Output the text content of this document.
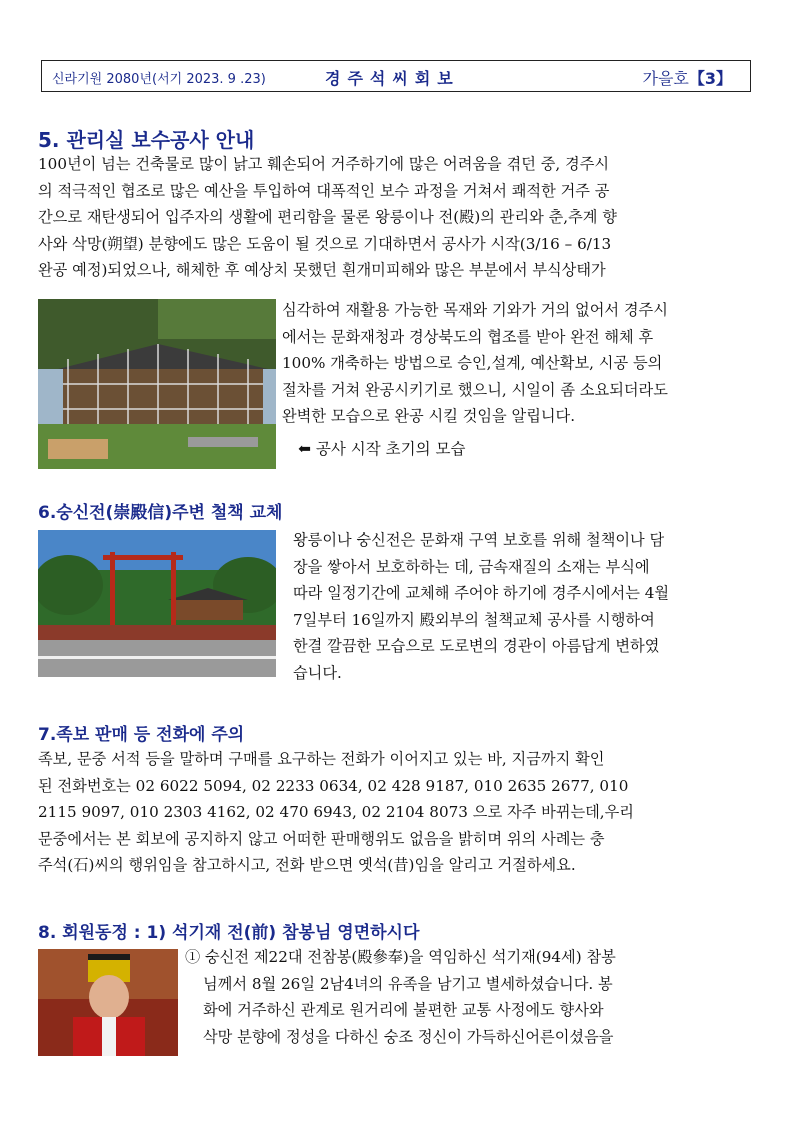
신라기원 2080년(서기 2023. 9 .23)	경주석씨회보	가을호【3】
5. 관리실 보수공사 안내
100년이 넘는 건축물로 많이 낡고 훼손되어 거주하기에 많은 어려움을 겪던 중, 경주시
의 적극적인 협조로 많은 예산을 투입하여 대폭적인 보수 과정을 거쳐서 쾌적한 거주 공
간으로 재탄생되어 입주자의 생활에 편리함을 물론 왕릉이나 전(殿)의 관리와 춘,추계 향
사와 삭망(朔望) 분향에도 많은 도움이 될 것으로 기대하면서 공사가 시작(3/16 – 6/13
완공 예정)되었으나, 해체한 후 예상치 못했던 흰개미피해와 많은 부분에서 부식상태가
심각하여 재활용 가능한 목재와 기와가 거의 없어서 경주시
에서는 문화재청과 경상북도의 협조를 받아 완전 해체 후
100% 개축하는 방법으로 승인,설계, 예산확보, 시공 등의
절차를 거쳐 완공시키기로 했으니, 시일이 좀 소요되더라도
완벽한 모습으로 완공 시킬 것임을 알립니다.
⬅ 공사 시작 초기의 모습
6.숭신전(崇殿信)주변 철책 교체
왕릉이나 숭신전은 문화재 구역 보호를 위해 철책이나 담
장을 쌓아서 보호하하는 데, 금속재질의 소재는 부식에
따라 일정기간에 교체해 주어야 하기에 경주시에서는 4월
7일부터 16일까지 殿외부의 철책교체 공사를 시행하여
한결 깔끔한 모습으로 도로변의 경관이 아름답게 변하였
습니다.
7.족보 판매 등 전화에 주의
족보, 문중 서적 등을 말하며 구매를 요구하는 전화가 이어지고 있는 바, 지금까지 확인
된 전화번호는 02 6022 5094, 02 2233 0634, 02 428 9187, 010 2635 2677, 010
2115 9097, 010 2303 4162, 02 470 6943, 02 2104 8073 으로 자주 바뀌는데,우리
문중에서는 본 회보에 공지하지 않고 어떠한 판매행위도 없음을 밝히며 위의 사례는 충
주석(石)씨의 행위임을 참고하시고, 전화 받으면 옛석(昔)임을 알리고 거절하세요.
8. 회원동정 : 1) 석기재 전(前) 참봉님 영면하시다
① 숭신전 제22대 전참봉(殿參奉)을 역임하신 석기재(94세) 참봉
님께서 8월 26일 2남4녀의 유족을 남기고 별세하셨습니다. 봉
화에 거주하신 관계로 원거리에 불편한 교통 사정에도 향사와
삭망 분향에 정성을 다하신 숭조 정신이 가득하신어른이셨음을
